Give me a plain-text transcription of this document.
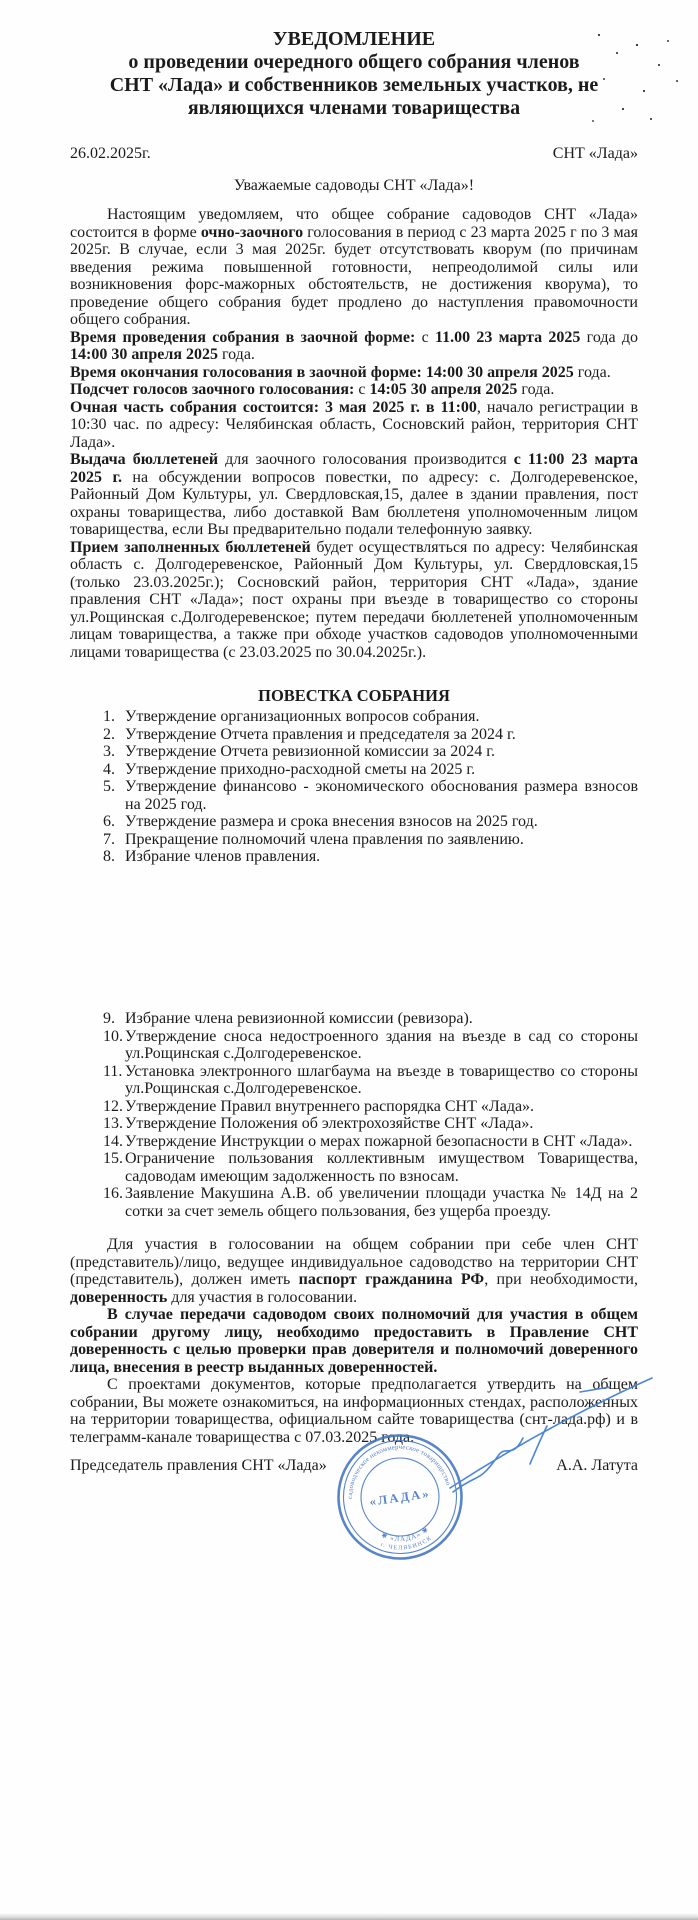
УВЕДОМЛЕНИЕ
о проведении очередного общего собрания членов
СНТ «Лада» и собственников земельных участков, не
являющихся членами товарищества
26.02.2025г.	СНТ «Лада»
Уважаемые садоводы СНТ «Лада»!

Настоящим уведомляем, что общее собрание садоводов СНТ «Лада» состоится в форме очно-заочного голосования в период с 23 марта 2025 г по 3 мая 2025г. В случае, если 3 мая 2025г. будет отсутствовать кворум (по причинам введения режима повышенной готовности, непреодолимой силы или возникновения форс-мажорных обстоятельств, не достижения кворума), то проведение общего собрания будет продлено до наступления правомочности общего собрания.

Время проведения собрания в заочной форме: с 11.00 23 марта 2025 года до 14:00 30 апреля 2025 года.

Время окончания голосования в заочной форме: 14:00 30 апреля 2025 года.

Подсчет голосов заочного голосования: с 14:05 30 апреля 2025 года.

Очная часть собрания состоится: 3 мая 2025 г. в 11:00, начало регистрации в 10:30 час. по адресу: Челябинская область, Сосновский район, территория СНТ Лада».

Выдача бюллетеней для заочного голосования производится с 11:00 23 марта 2025 г. на обсуждении вопросов повестки, по адресу: с. Долгодеревенское, Районный Дом Культуры, ул. Свердловская,15, далее в здании правления, пост охраны товарищества, либо доставкой Вам бюллетеня уполномоченным лицом товарищества, если Вы предварительно подали телефонную заявку.

Прием заполненных бюллетеней будет осуществляться по адресу: Челябинская область с. Долгодеревенское, Районный Дом Культуры, ул. Свердловская,15 (только 23.03.2025г.); Сосновский район, территория СНТ «Лада», здание правления СНТ «Лада»; пост охраны при въезде в товарищество со стороны ул.Рощинская с.Долгодеревенское; путем передачи бюллетеней уполномоченным лицам товарищества, а также при обходе участков садоводов уполномоченными лицами товарищества (с 23.03.2025 по 30.04.2025г.).

ПОВЕСТКА СОБРАНИЯ
1. Утверждение организационных вопросов собрания.
2. Утверждение Отчета правления и председателя за 2024 г.
3. Утверждение Отчета ревизионной комиссии за 2024 г.
4. Утверждение приходно-расходной сметы на 2025 г.
5. Утверждение финансово - экономического обоснования размера взносов на 2025 год.
6. Утверждение размера и срока внесения взносов на 2025 год.
7. Прекращение полномочий члена правления по заявлению.
8. Избрание членов правления.
9. Избрание члена ревизионной комиссии (ревизора).
10. Утверждение сноса недостроенного здания на въезде в сад со стороны ул.Рощинская с.Долгодеревенское.
11. Установка электронного шлагбаума на въезде в товарищество со стороны ул.Рощинская с.Долгодеревенское.
12. Утверждение Правил внутреннего распорядка СНТ «Лада».
13. Утверждение Положения об электрохозяйстве СНТ «Лада».
14. Утверждение Инструкции о мерах пожарной безопасности в СНТ «Лада».
15. Ограничение пользования коллективным имуществом Товарищества, садоводам имеющим задолженность по взносам.
16. Заявление Макушина А.В. об увеличении площади участка № 14Д на 2 сотки за счет земель общего пользования, без ущерба проезду.

Для участия в голосовании на общем собрании при себе член СНТ (представитель)/лицо, ведущее индивидуальное садоводство на территории СНТ (представитель), должен иметь паспорт гражданина РФ, при необходимости, доверенность для участия в голосовании.

В случае передачи садоводом своих полномочий для участия в общем собрании другому лицу, необходимо предоставить в Правление СНТ доверенность с целью проверки прав доверителя и полномочий доверенного лица, внесения в реестр выданных доверенностей.

С проектами документов, которые предполагается утвердить на общем собрании, Вы можете ознакомиться, на информационных стендах, расположенных на территории товарищества, официальном сайте товарищества (снт-лада.рф) и в телеграмм-канале товарищества с 07.03.2025 года.

Председатель правления СНТ «Лада»	А.А. Латута
садоводческое некоммерческое товарищество
✱ «ЛАДА» ✱
г. ЧЕЛЯБИНСК
«ЛАДА»
